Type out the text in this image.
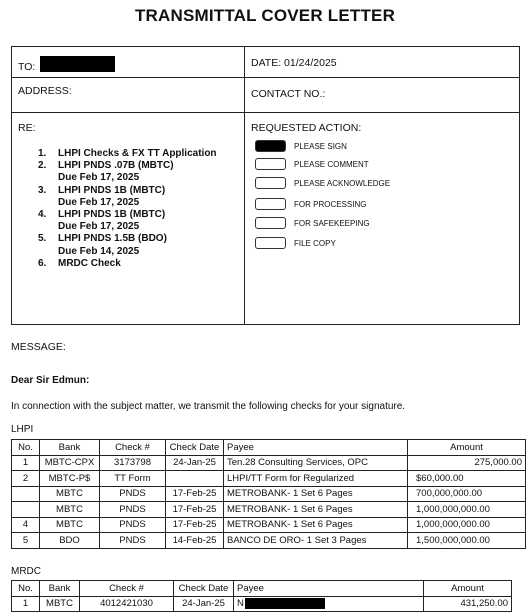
TRANSMITTAL COVER LETTER
TO:	DATE: 01/24/2025
ADDRESS:	CONTACT NO.:
RE:	REQUESTED ACTION:
1.	LHPI Checks & FX TT Application
2.	LHPI PNDS .07B (MBTC)
Due Feb 17, 2025
3.	LHPI PNDS 1B (MBTC)
Due Feb 17, 2025
4.	LHPI PNDS 1B (MBTC)
Due Feb 17, 2025
5.	LHPI PNDS 1.5B (BDO)
Due Feb 14, 2025
6.	MRDC Check
PLEASE SIGN
PLEASE COMMENT
PLEASE ACKNOWLEDGE
FOR PROCESSING
FOR SAFEKEEPING
FILE COPY
MESSAGE:
Dear Sir Edmun:
In connection with the subject matter, we transmit the following checks for your signature.
LHPI
No.	Bank	Check #	Check Date	Payee	Amount
1	MBTC-CPX	3173798	24-Jan-25	Ten.28 Consulting Services, OPC	275,000.00
2	MBTC-P$	TT Form		LHPI/TT Form for Regularized	$60,000.00
	MBTC	PNDS	17-Feb-25	METROBANK- 1 Set 6 Pages	700,000,000.00
	MBTC	PNDS	17-Feb-25	METROBANK- 1 Set 6 Pages	1,000,000,000.00
4	MBTC	PNDS	17-Feb-25	METROBANK- 1 Set 6 Pages	1,000,000,000.00
5	BDO	PNDS	14-Feb-25	BANCO DE ORO- 1 Set 3 Pages	1,500,000,000.00
MRDC
No.	Bank	Check #	Check Date	Payee	Amount
1	MBTC	4012421030	24-Jan-25	N	431,250.00
